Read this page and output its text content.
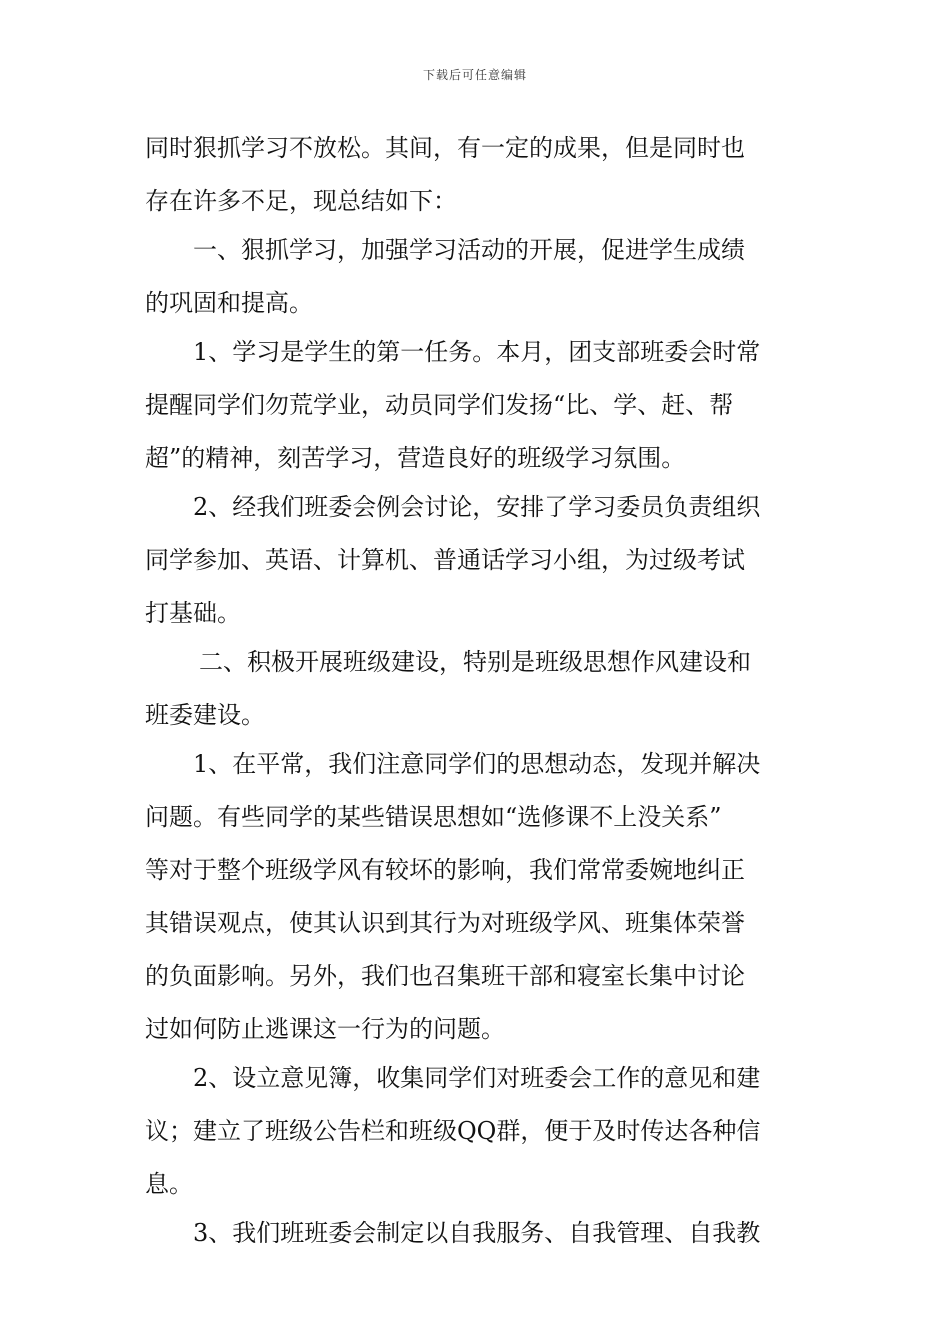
下载后可任意编辑
同时狠抓学习不放松。其间，有一定的成果，但是同时也
存在许多不足，现总结如下：
一、狠抓学习，加强学习活动的开展，促进学生成绩
的巩固和提高。
1、学习是学生的第一任务。本月，团支部班委会时常
提醒同学们勿荒学业，动员同学们发扬“比、学、赶、帮
超”的精神，刻苦学习，营造良好的班级学习氛围。
2、经我们班委会例会讨论，安排了学习委员负责组织
同学参加、英语、计算机、普通话学习小组，为过级考试
打基础。
二、积极开展班级建设，特别是班级思想作风建设和
班委建设。
1、在平常，我们注意同学们的思想动态，发现并解决
问题。有些同学的某些错误思想如“选修课不上没关系”
等对于整个班级学风有较坏的影响，我们常常委婉地纠正
其错误观点，使其认识到其行为对班级学风、班集体荣誉
的负面影响。另外，我们也召集班干部和寝室长集中讨论
过如何防止逃课这一行为的问题。
2、设立意见簿，收集同学们对班委会工作的意见和建
议；建立了班级公告栏和班级QQ群，便于及时传达各种信
息。
3、我们班班委会制定以自我服务、自我管理、自我教
